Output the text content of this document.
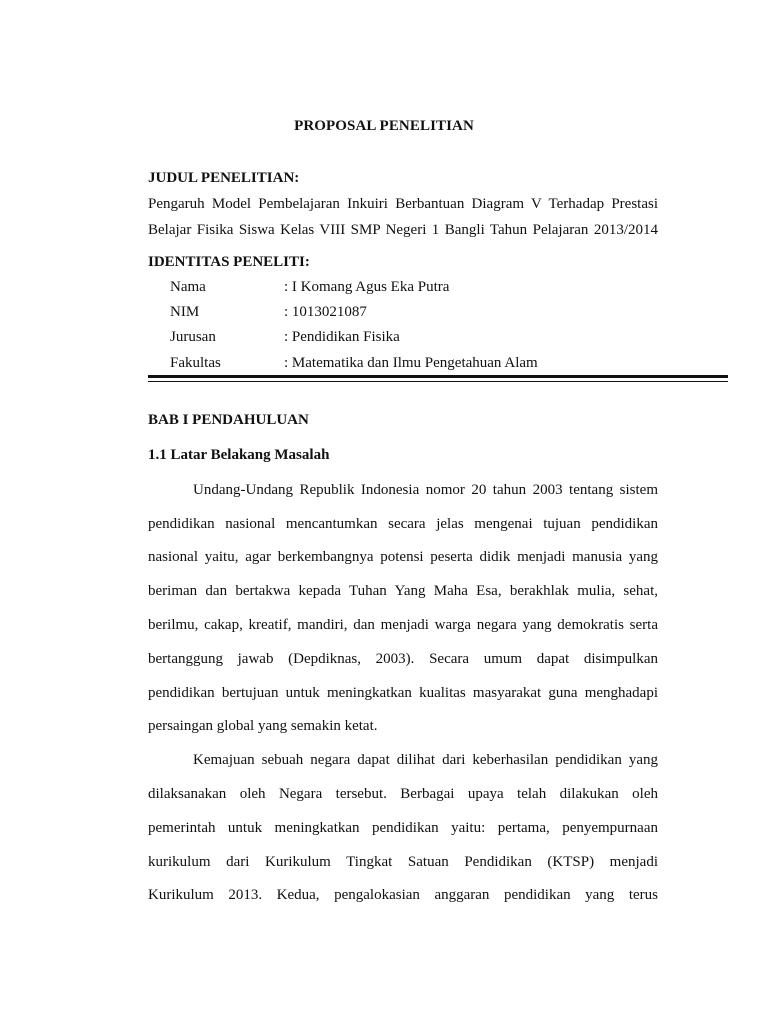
PROPOSAL PENELITIAN
JUDUL PENELITIAN:
Pengaruh Model Pembelajaran Inkuiri Berbantuan Diagram V Terhadap Prestasi
Belajar Fisika Siswa Kelas VIII SMP Negeri 1 Bangli Tahun Pelajaran 2013/2014
IDENTITAS PENELITI:
Nama	: I Komang Agus Eka Putra
NIM	: 1013021087
Jurusan	: Pendidikan Fisika
Fakultas	: Matematika dan Ilmu Pengetahuan Alam
BAB I PENDAHULUAN
1.1 Latar Belakang Masalah
Undang-Undang Republik Indonesia nomor 20 tahun 2003 tentang sistem
pendidikan nasional mencantumkan secara jelas mengenai tujuan pendidikan
nasional yaitu, agar berkembangnya potensi peserta didik menjadi manusia yang
beriman dan bertakwa kepada Tuhan Yang Maha Esa, berakhlak mulia, sehat,
berilmu, cakap, kreatif, mandiri, dan menjadi warga negara yang demokratis serta
bertanggung jawab (Depdiknas, 2003). Secara umum dapat disimpulkan
pendidikan bertujuan untuk meningkatkan kualitas masyarakat guna menghadapi
persaingan global yang semakin ketat.
Kemajuan sebuah negara dapat dilihat dari keberhasilan pendidikan yang
dilaksanakan oleh Negara tersebut. Berbagai upaya telah dilakukan oleh
pemerintah untuk meningkatkan pendidikan yaitu: pertama, penyempurnaan
kurikulum dari Kurikulum Tingkat Satuan Pendidikan (KTSP) menjadi
Kurikulum 2013. Kedua, pengalokasian anggaran pendidikan yang terus
